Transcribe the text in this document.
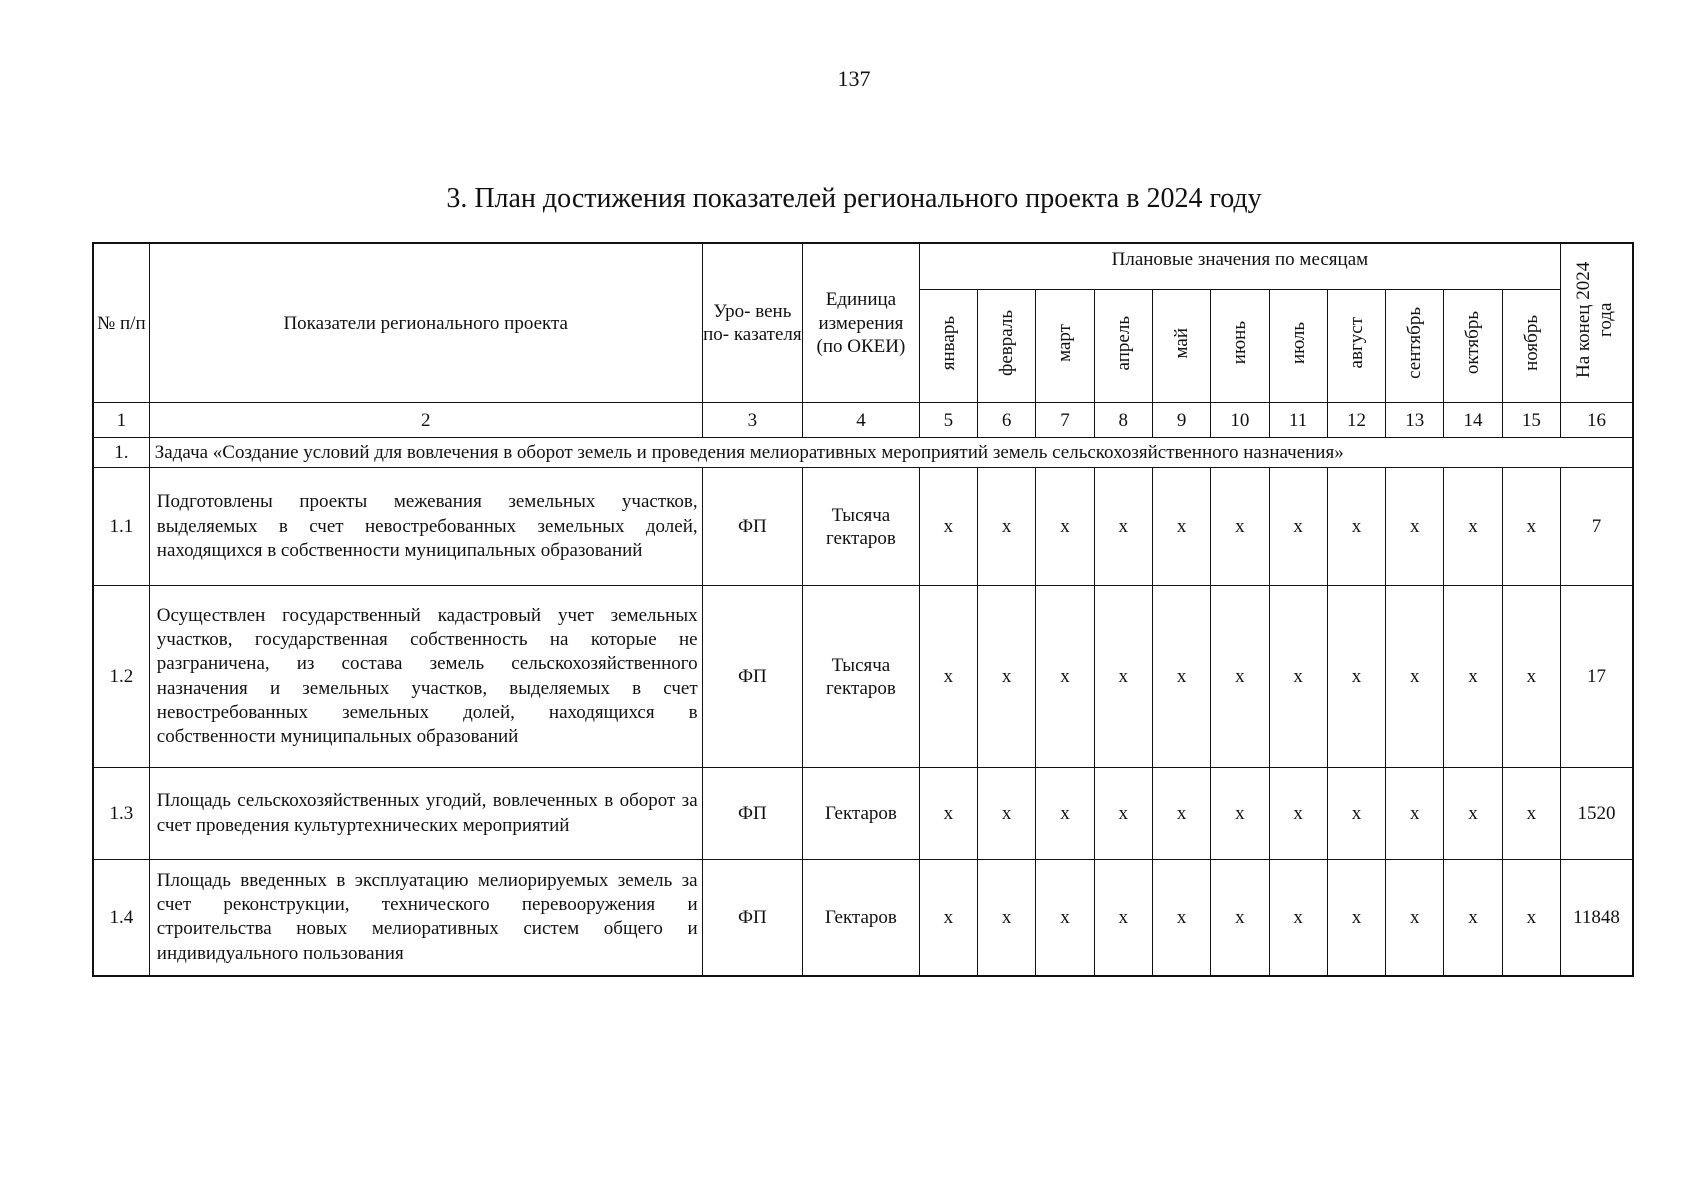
137
3. План достижения показателей регионального проекта в 2024 году
№ п/п	Показатели регионального проекта	Уро- вень по- казателя	Единица измерения (по ОКЕИ)	Плановые значения по месяцам											На конец 2024 года
				январь	февраль	март	апрель	май	июнь	июль	август	сентябрь	октябрь	ноябрь	
1	2	3	4	5	6	7	8	9	10	11	12	13	14	15	16
1.	Задача «Создание условий для вовлечения в оборот земель и проведения мелиоративных мероприятий земель сельскохозяйственного назначения»														
1.1	Подготовлены проекты межевания земельных участков, выделяемых в счет невостребованных земельных долей, находящихся в собственности муниципальных образований	ФП	Тысяча гектаров	x	x	x	x	x	x	x	x	x	x	x	7
1.2	Осуществлен государственный кадастровый учет земельных участков, государственная собственность на которые не разграничена, из состава земель сельскохозяйственного назначения и земельных участков, выделяемых в счет невостребованных земельных долей, находящихся в собственности муниципальных образований	ФП	Тысяча гектаров	x	x	x	x	x	x	x	x	x	x	x	17
1.3	Площадь сельскохозяйственных угодий, вовлеченных в оборот за счет проведения культуртехнических мероприятий	ФП	Гектаров	x	x	x	x	x	x	x	x	x	x	x	1520
1.4	Площадь введенных в эксплуатацию мелиорируемых земель за счет реконструкции, технического перевооружения и строительства новых мелиоративных систем общего и индивидуального пользования	ФП	Гектаров	x	x	x	x	x	x	x	x	x	x	x	11848
